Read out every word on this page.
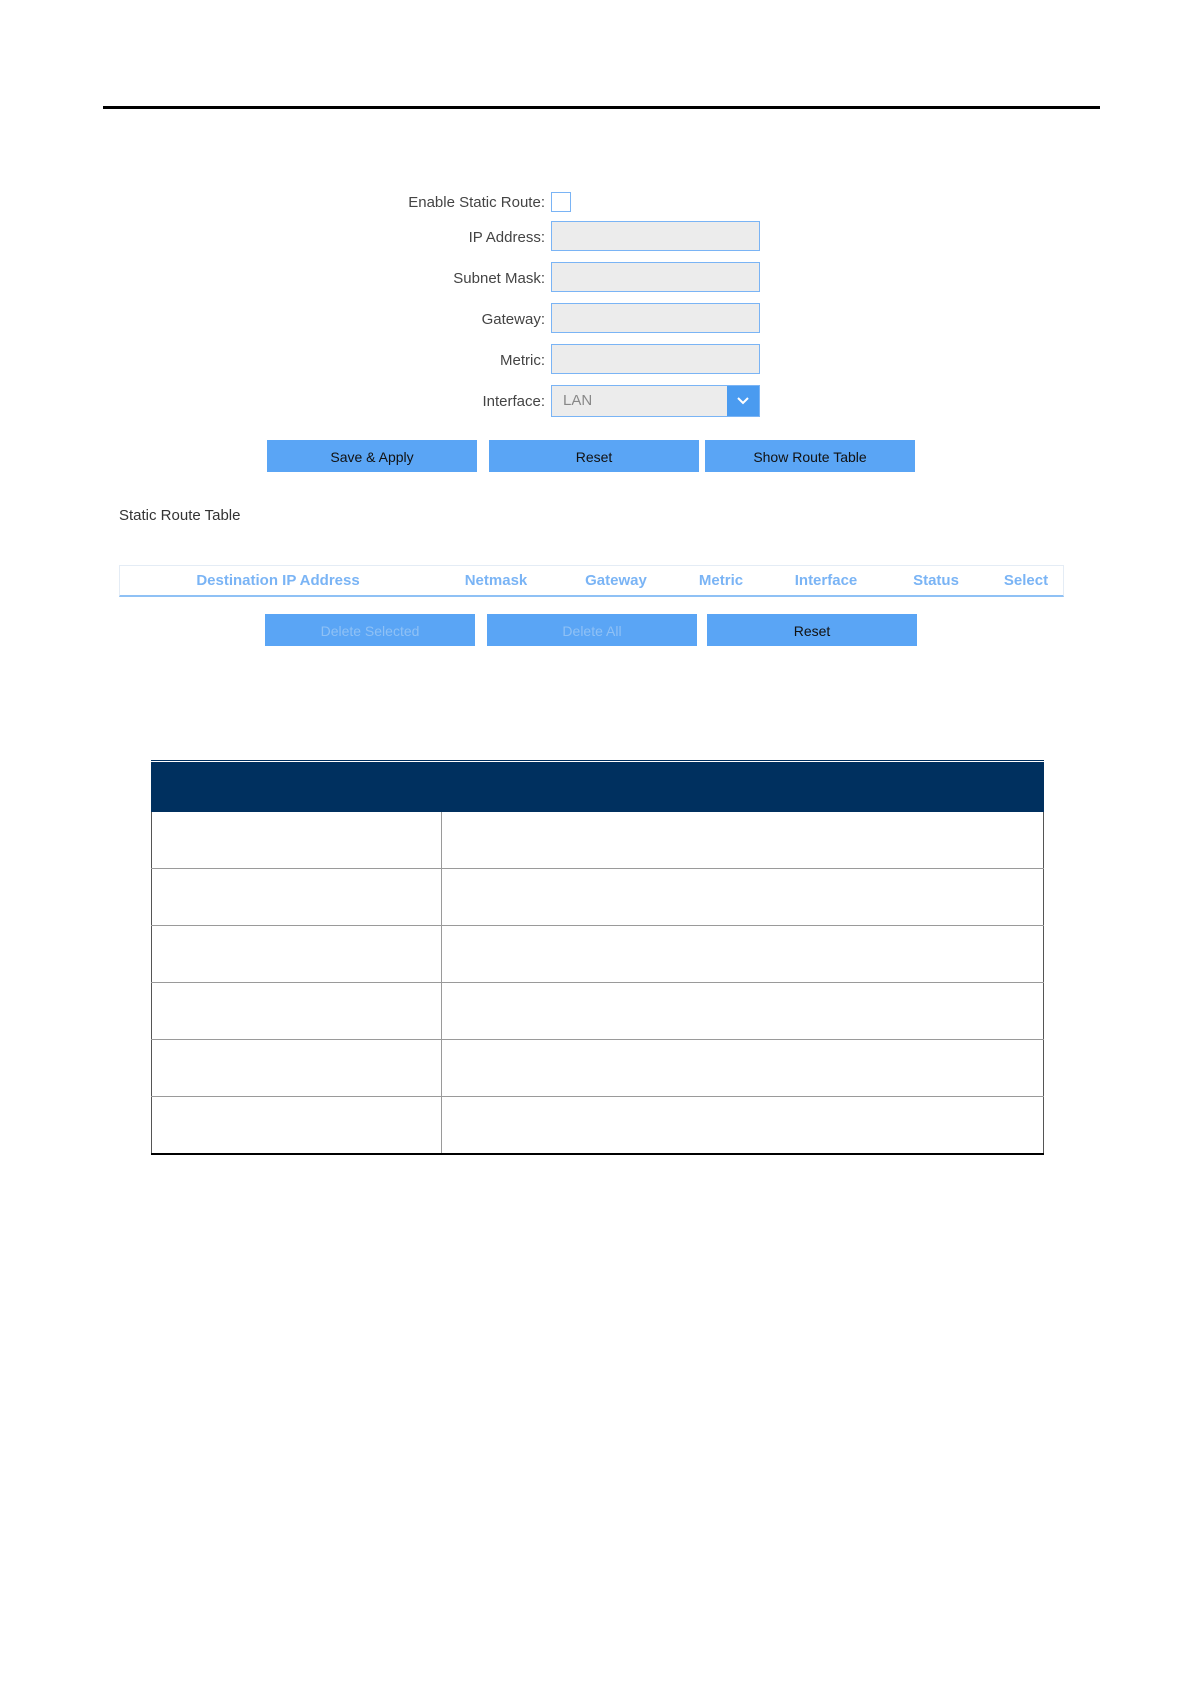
Enable Static Route:
IP Address:
Subnet Mask:
Gateway:
Metric:
Interface: LAN
Save & Apply	Reset	Show Route Table
Static Route Table
Destination IP Address	Netmask	Gateway	Metric	Interface	Status	Select
Delete Selected	Delete All	Reset
